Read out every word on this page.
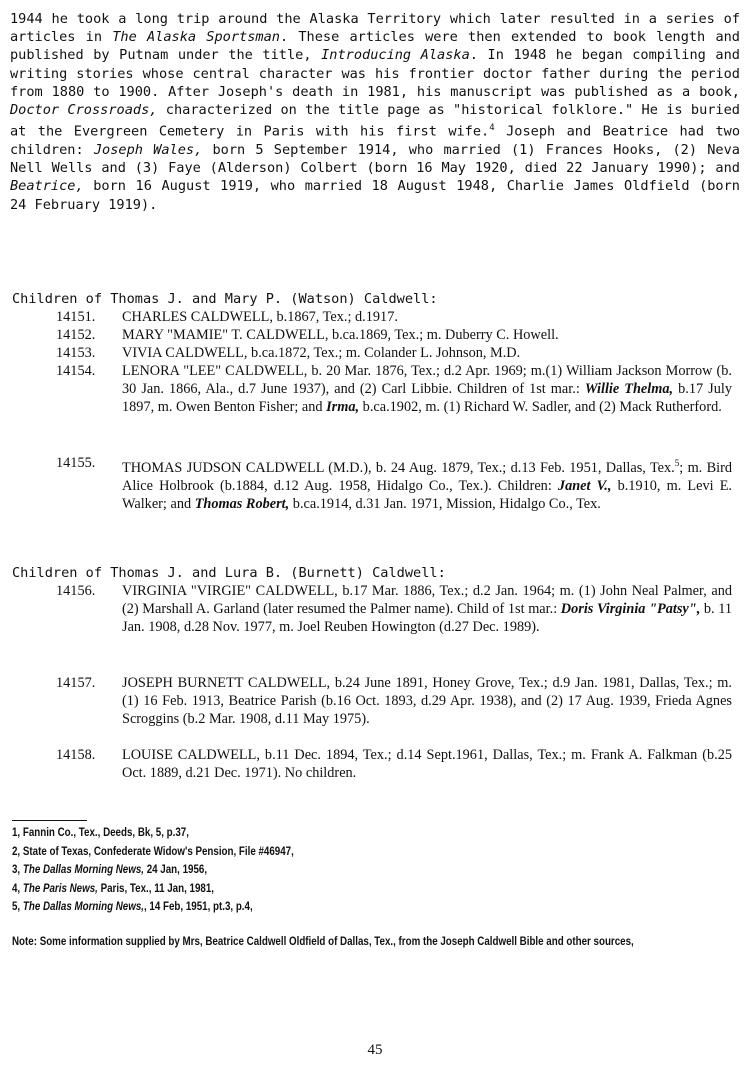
1944 he took a long trip around the Alaska Territory which later resulted in a series of articles in The Alaska Sportsman. These articles were then extended to book length and published by Putnam under the title, Introducing Alaska. In 1948 he began compiling and writing stories whose central character was his frontier doctor father during the period from 1880 to 1900. After Joseph's death in 1981, his manuscript was published as a book, Doctor Crossroads, characterized on the title page as "historical folklore." He is buried at the Evergreen Cemetery in Paris with his first wife.$^4$ Joseph and Beatrice had two children: Joseph Wales, born 5 September 1914, who married (1) Frances Hooks, (2) Neva Nell Wells and (3) Faye (Alderson) Colbert (born 16 May 1920, died 22 January 1990); and Beatrice, born 16 August 1919, who married 18 August 1948, Charlie James Oldfield (born 24 February 1919).

Children of Thomas J. and Mary P. (Watson) Caldwell:

14151. CHARLES CALDWELL, b.1867, Tex.; d.1917.
14152. MARY "MAMIE" T. CALDWELL, b.ca.1869, Tex.; m. Duberry C. Howell.
14153. VIVIA CALDWELL, b.ca.1872, Tex.; m. Colander L. Johnson, M.D.
14154. LENORA "LEE" CALDWELL, b. 20 Mar. 1876, Tex.; d.2 Apr. 1969; m.(1) William Jackson Morrow (b. 30 Jan. 1866, Ala., d.7 June 1937), and (2) Carl Libbie. Children of 1st mar.: Willie Thelma, b.17 July 1897, m. Owen Benton Fisher; and Irma, b.ca.1902, m. (1) Richard W. Sadler, and (2) Mack Rutherford.
14155. THOMAS JUDSON CALDWELL (M.D.), b. 24 Aug. 1879, Tex.; d.13 Feb. 1951, Dallas, Tex.$^5$; m. Bird Alice Holbrook (b.1884, d.12 Aug. 1958, Hidalgo Co., Tex.). Children: Janet V., b.1910, m. Levi E. Walker; and Thomas Robert, b.ca.1914, d.31 Jan. 1971, Mission, Hidalgo Co., Tex.

Children of Thomas J. and Lura B. (Burnett) Caldwell:

14156. VIRGINIA "VIRGIE" CALDWELL, b.17 Mar. 1886, Tex.; d.2 Jan. 1964; m. (1) John Neal Palmer, and (2) Marshall A. Garland (later resumed the Palmer name). Child of 1st mar.: Doris Virginia "Patsy", b. 11 Jan. 1908, d.28 Nov. 1977, m. Joel Reuben Howington (d.27 Dec. 1989).
14157. JOSEPH BURNETT CALDWELL, b.24 June 1891, Honey Grove, Tex.; d.9 Jan. 1981, Dallas, Tex.; m. (1) 16 Feb. 1913, Beatrice Parish (b.16 Oct. 1893, d.29 Apr. 1938), and (2) 17 Aug. 1939, Frieda Agnes Scroggins (b.2 Mar. 1908, d.11 May 1975).
14158. LOUISE CALDWELL, b.11 Dec. 1894, Tex.; d.14 Sept.1961, Dallas, Tex.; m. Frank A. Falkman (b.25 Oct. 1889, d.21 Dec. 1971). No children.
1, Fannin Co., Tex., Deeds, Bk, 5, p.37,
2, State of Texas, Confederate Widow's Pension, File #46947,
3, The Dallas Morning News, 24 Jan, 1956,
4, The Paris News, Paris, Tex., 11 Jan, 1981,
5, The Dallas Morning News,, 14 Feb, 1951, pt.3, p.4,

Note: Some information supplied by Mrs, Beatrice Caldwell Oldfield of Dallas, Tex., from the Joseph Caldwell Bible and other sources,

45
